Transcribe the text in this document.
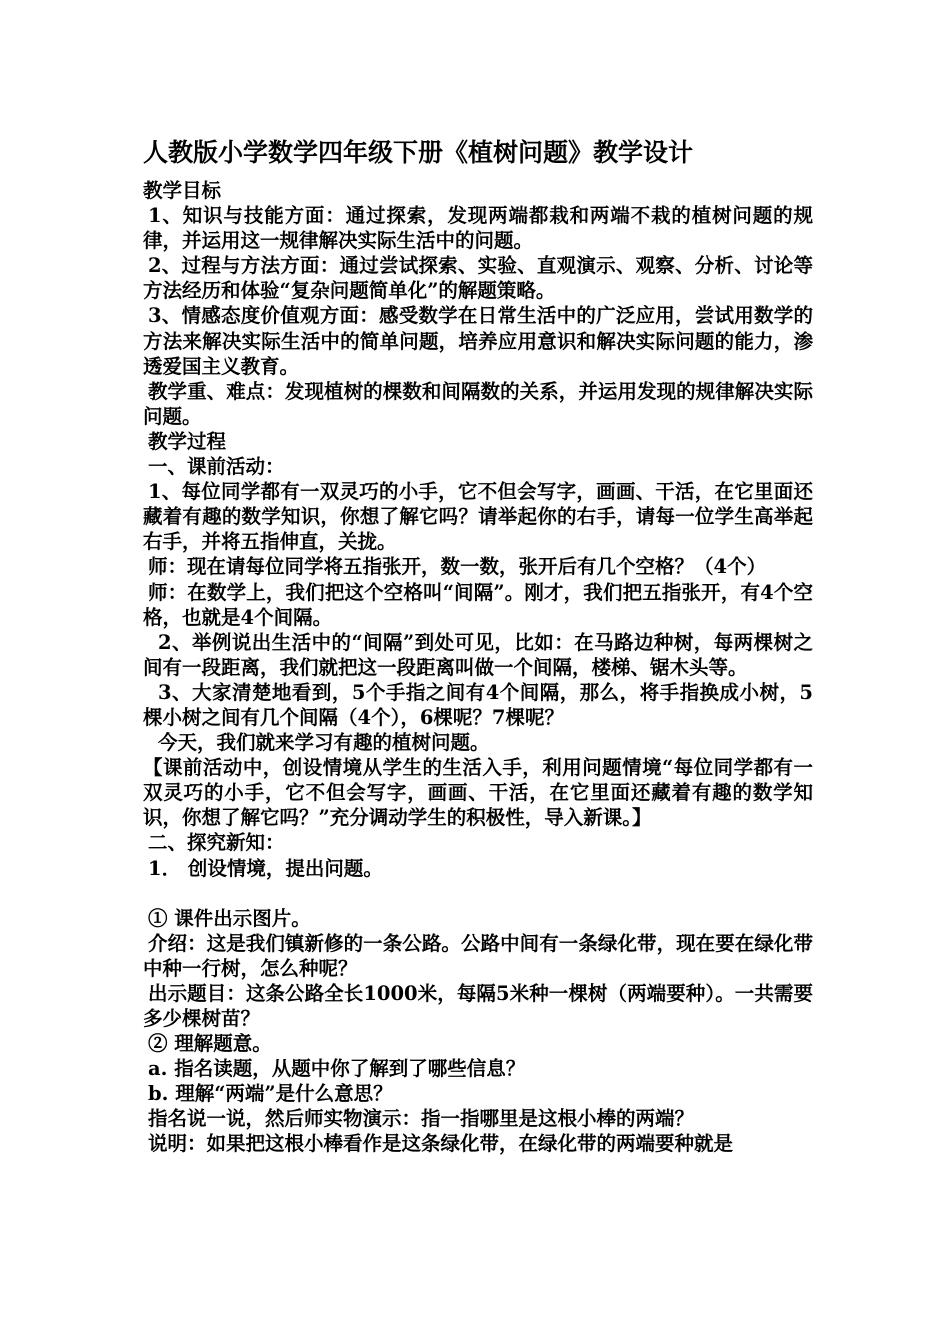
人教版小学数学四年级下册《植树问题》教学设计

教学目标

1、知识与技能方面：通过探索，发现两端都栽和两端不栽的植树问题的规律，并运用这一规律解决实际生活中的问题。

2、过程与方法方面：通过尝试探索、实验、直观演示、观察、分析、讨论等方法经历和体验“复杂问题简单化”的解题策略。

3、情感态度价值观方面：感受数学在日常生活中的广泛应用，尝试用数学的方法来解决实际生活中的简单问题，培养应用意识和解决实际问题的能力，渗透爱国主义教育。

教学重、难点：发现植树的棵数和间隔数的关系，并运用发现的规律解决实际问题。

教学过程

一、课前活动：

1、每位同学都有一双灵巧的小手，它不但会写字，画画、干活，在它里面还藏着有趣的数学知识，你想了解它吗？请举起你的右手，请每一位学生高举起右手，并将五指伸直，关拢。

师：现在请每位同学将五指张开，数一数，张开后有几个空格？（4个）

师：在数学上，我们把这个空格叫“间隔”。刚才，我们把五指张开，有4个空格，也就是4个间隔。

2、举例说出生活中的“间隔”到处可见，比如：在马路边种树，每两棵树之间有一段距离，我们就把这一段距离叫做一个间隔，楼梯、锯木头等。

3、大家清楚地看到，5个手指之间有4个间隔，那么，将手指换成小树，5棵小树之间有几个间隔（4个），6棵呢？7棵呢？

今天，我们就来学习有趣的植树问题。

【课前活动中，创设情境从学生的生活入手，利用问题情境“每位同学都有一双灵巧的小手，它不但会写字，画画、干活，在它里面还藏着有趣的数学知识，你想了解它吗？”充分调动学生的积极性，导入新课。】

二、探究新知：

1． 创设情境，提出问题。

① 课件出示图片。

介绍：这是我们镇新修的一条公路。公路中间有一条绿化带，现在要在绿化带中种一行树，怎么种呢？

出示题目：这条公路全长1000米，每隔5米种一棵树（两端要种）。一共需要多少棵树苗？

② 理解题意。

a. 指名读题，从题中你了解到了哪些信息？

b. 理解“两端”是什么意思？

指名说一说，然后师实物演示：指一指哪里是这根小棒的两端？

说明：如果把这根小棒看作是这条绿化带，在绿化带的两端要种就是
